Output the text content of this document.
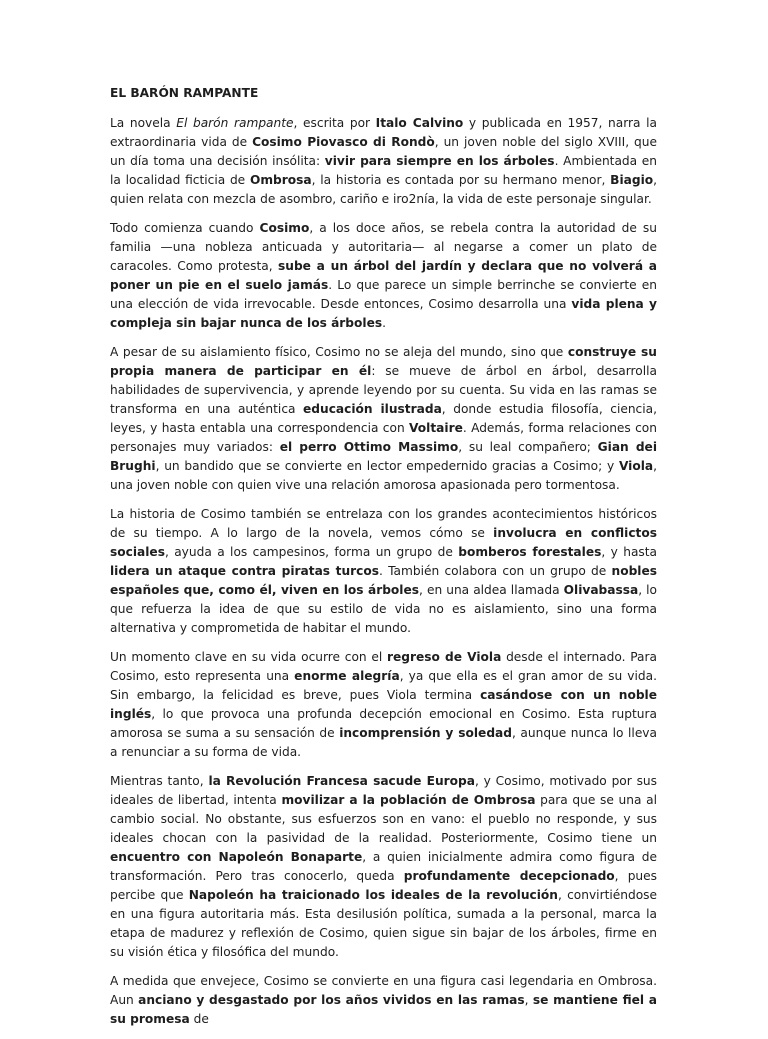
EL BARÓN RAMPANTE

La novela El barón rampante, escrita por Italo Calvino y publicada en 1957, narra la extraordinaria vida de Cosimo Piovasco di Rondò, un joven noble del siglo XVIII, que un día toma una decisión insólita: vivir para siempre en los árboles. Ambientada en la localidad ficticia de Ombrosa, la historia es contada por su hermano menor, Biagio, quien relata con mezcla de asombro, cariño e iro2nía, la vida de este personaje singular.

Todo comienza cuando Cosimo, a los doce años, se rebela contra la autoridad de su familia —una nobleza anticuada y autoritaria— al negarse a comer un plato de caracoles. Como protesta, sube a un árbol del jardín y declara que no volverá a poner un pie en el suelo jamás. Lo que parece un simple berrinche se convierte en una elección de vida irrevocable. Desde entonces, Cosimo desarrolla una vida plena y compleja sin bajar nunca de los árboles.

A pesar de su aislamiento físico, Cosimo no se aleja del mundo, sino que construye su propia manera de participar en él: se mueve de árbol en árbol, desarrolla habilidades de supervivencia, y aprende leyendo por su cuenta. Su vida en las ramas se transforma en una auténtica educación ilustrada, donde estudia filosofía, ciencia, leyes, y hasta entabla una correspondencia con Voltaire. Además, forma relaciones con personajes muy variados: el perro Ottimo Massimo, su leal compañero; Gian dei Brughi, un bandido que se convierte en lector empedernido gracias a Cosimo; y Viola, una joven noble con quien vive una relación amorosa apasionada pero tormentosa.

La historia de Cosimo también se entrelaza con los grandes acontecimientos históricos de su tiempo. A lo largo de la novela, vemos cómo se involucra en conflictos sociales, ayuda a los campesinos, forma un grupo de bomberos forestales, y hasta lidera un ataque contra piratas turcos. También colabora con un grupo de nobles españoles que, como él, viven en los árboles, en una aldea llamada Olivabassa, lo que refuerza la idea de que su estilo de vida no es aislamiento, sino una forma alternativa y comprometida de habitar el mundo.

Un momento clave en su vida ocurre con el regreso de Viola desde el internado. Para Cosimo, esto representa una enorme alegría, ya que ella es el gran amor de su vida. Sin embargo, la felicidad es breve, pues Viola termina casándose con un noble inglés, lo que provoca una profunda decepción emocional en Cosimo. Esta ruptura amorosa se suma a su sensación de incomprensión y soledad, aunque nunca lo lleva a renunciar a su forma de vida.

Mientras tanto, la Revolución Francesa sacude Europa, y Cosimo, motivado por sus ideales de libertad, intenta movilizar a la población de Ombrosa para que se una al cambio social. No obstante, sus esfuerzos son en vano: el pueblo no responde, y sus ideales chocan con la pasividad de la realidad. Posteriormente, Cosimo tiene un encuentro con Napoleón Bonaparte, a quien inicialmente admira como figura de transformación. Pero tras conocerlo, queda profundamente decepcionado, pues percibe que Napoleón ha traicionado los ideales de la revolución, convirtiéndose en una figura autoritaria más. Esta desilusión política, sumada a la personal, marca la etapa de madurez y reflexión de Cosimo, quien sigue sin bajar de los árboles, firme en su visión ética y filosófica del mundo.

A medida que envejece, Cosimo se convierte en una figura casi legendaria en Ombrosa. Aun anciano y desgastado por los años vividos en las ramas, se mantiene fiel a su promesa de
